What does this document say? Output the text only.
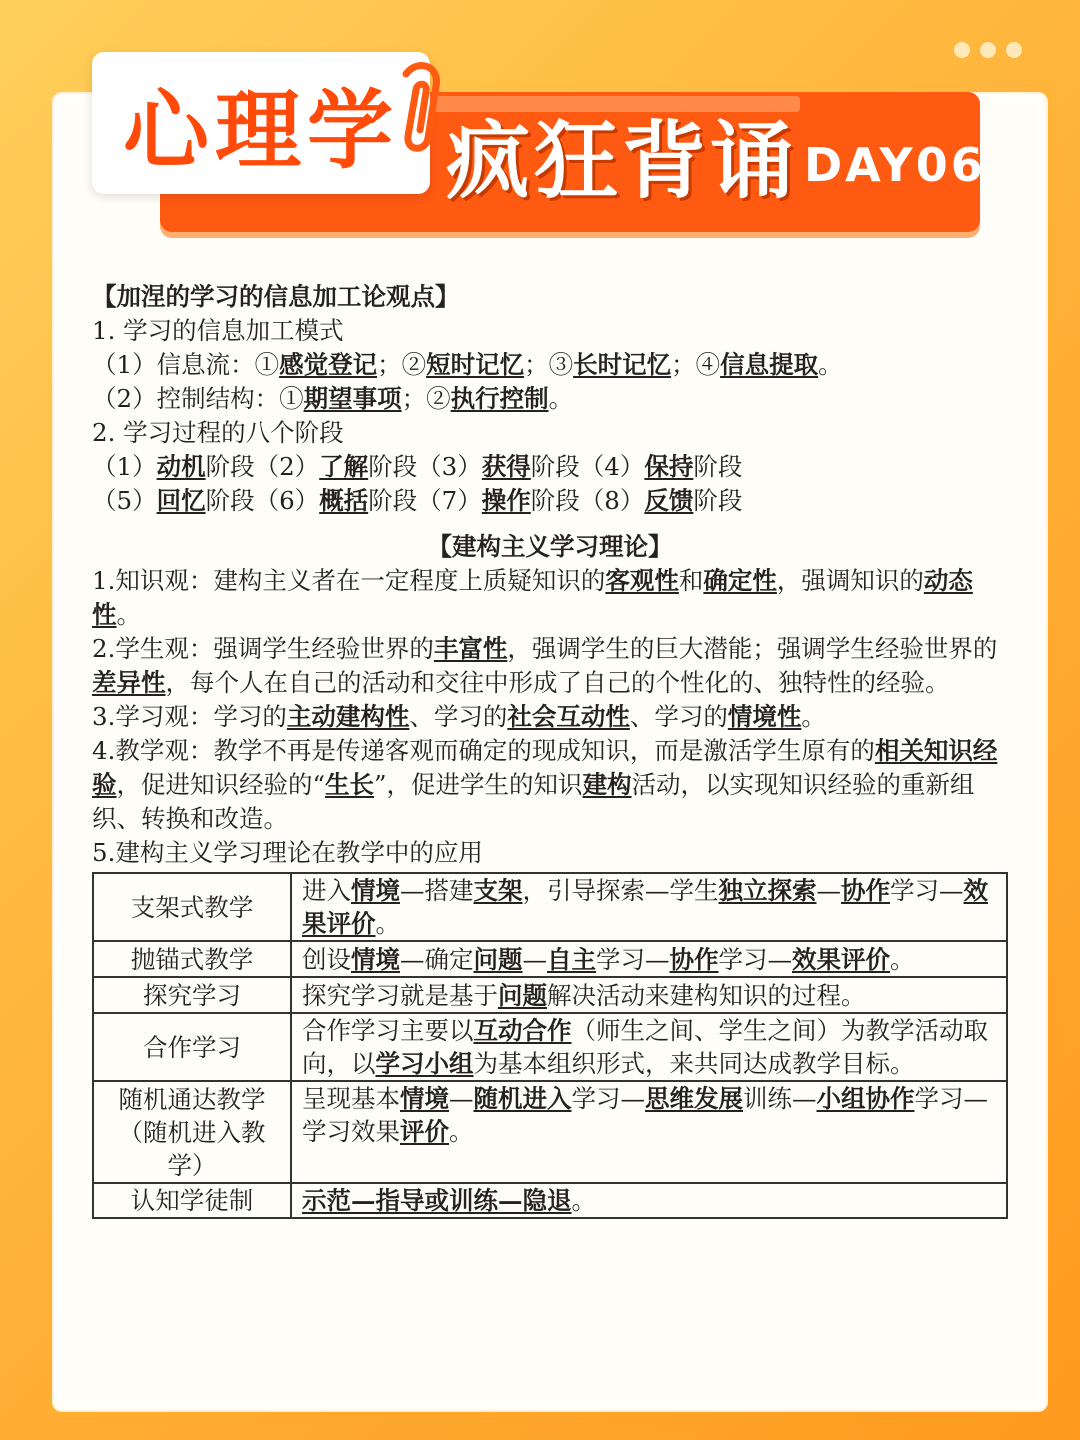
心理学 疯狂背诵 DAY06
【加涅的学习的信息加工论观点】
1. 学习的信息加工模式
（1）信息流：①感觉登记；②短时记忆；③长时记忆；④信息提取。
（2）控制结构：①期望事项；②执行控制。
2. 学习过程的八个阶段
（1）动机阶段（2）了解阶段（3）获得阶段（4）保持阶段
（5）回忆阶段（6）概括阶段（7）操作阶段（8）反馈阶段
【建构主义学习理论】

1.知识观：建构主义者在一定程度上质疑知识的客观性和确定性，强调知识的动态性。

2.学生观：强调学生经验世界的丰富性，强调学生的巨大潜能；强调学生经验世界的差异性，每个人在自己的活动和交往中形成了自己的个性化的、独特性的经验。

3.学习观：学习的主动建构性、学习的社会互动性、学习的情境性。

4.教学观：教学不再是传递客观而确定的现成知识，而是激活学生原有的相关知识经验，促进知识经验的“生长”，促进学生的知识建构活动，以实现知识经验的重新组织、转换和改造。

5.建构主义学习理论在教学中的应用

支架式教学	进入情境—搭建支架，引导探索—学生独立探索—协作学习—效果评价。
抛锚式教学	创设情境—确定问题—自主学习—协作学习—效果评价。
探究学习	探究学习就是基于问题解决活动来建构知识的过程。
合作学习	合作学习主要以互动合作（师生之间、学生之间）为教学活动取向，以学习小组为基本组织形式，来共同达成教学目标。
随机通达教学（随机进入教学）	呈现基本情境—随机进入学习—思维发展训练—小组协作学习—学习效果评价。
认知学徒制	示范—指导或训练—隐退。
